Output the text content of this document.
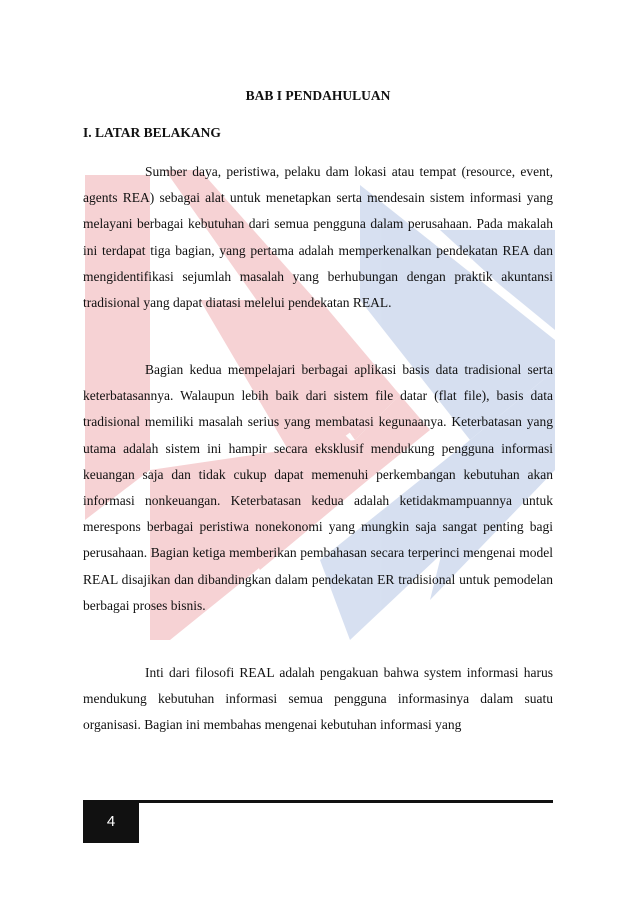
BAB I PENDAHULUAN
I. LATAR BELAKANG

Sumber daya, peristiwa, pelaku dam lokasi atau tempat (resource, event, agents REA) sebagai alat untuk menetapkan serta mendesain sistem informasi yang melayani berbagai kebutuhan dari semua pengguna dalam perusahaan. Pada makalah ini terdapat tiga bagian, yang pertama adalah memperkenalkan pendekatan REA dan mengidentifikasi sejumlah masalah yang berhubungan dengan praktik akuntansi tradisional yang dapat diatasi melelui pendekatan REAL.

Bagian kedua mempelajari berbagai aplikasi basis data tradisional serta keterbatasannya. Walaupun lebih baik dari sistem file datar (flat file), basis data tradisional memiliki masalah serius yang membatasi kegunaanya. Keterbatasan yang utama adalah sistem ini hampir secara eksklusif mendukung pengguna informasi keuangan saja dan tidak cukup dapat memenuhi perkembangan kebutuhan akan informasi nonkeuangan. Keterbatasan kedua adalah ketidakmampuannya untuk merespons berbagai peristiwa nonekonomi yang mungkin saja sangat penting bagi perusahaan. Bagian ketiga memberikan pembahasan secara terperinci mengenai model REAL disajikan dan dibandingkan dalam pendekatan ER tradisional untuk pemodelan berbagai proses bisnis.

Inti dari filosofi REAL adalah pengakuan bahwa system informasi harus mendukung kebutuhan informasi semua pengguna informasinya dalam suatu organisasi. Bagian ini membahas mengenai kebutuhan informasi yang

4
